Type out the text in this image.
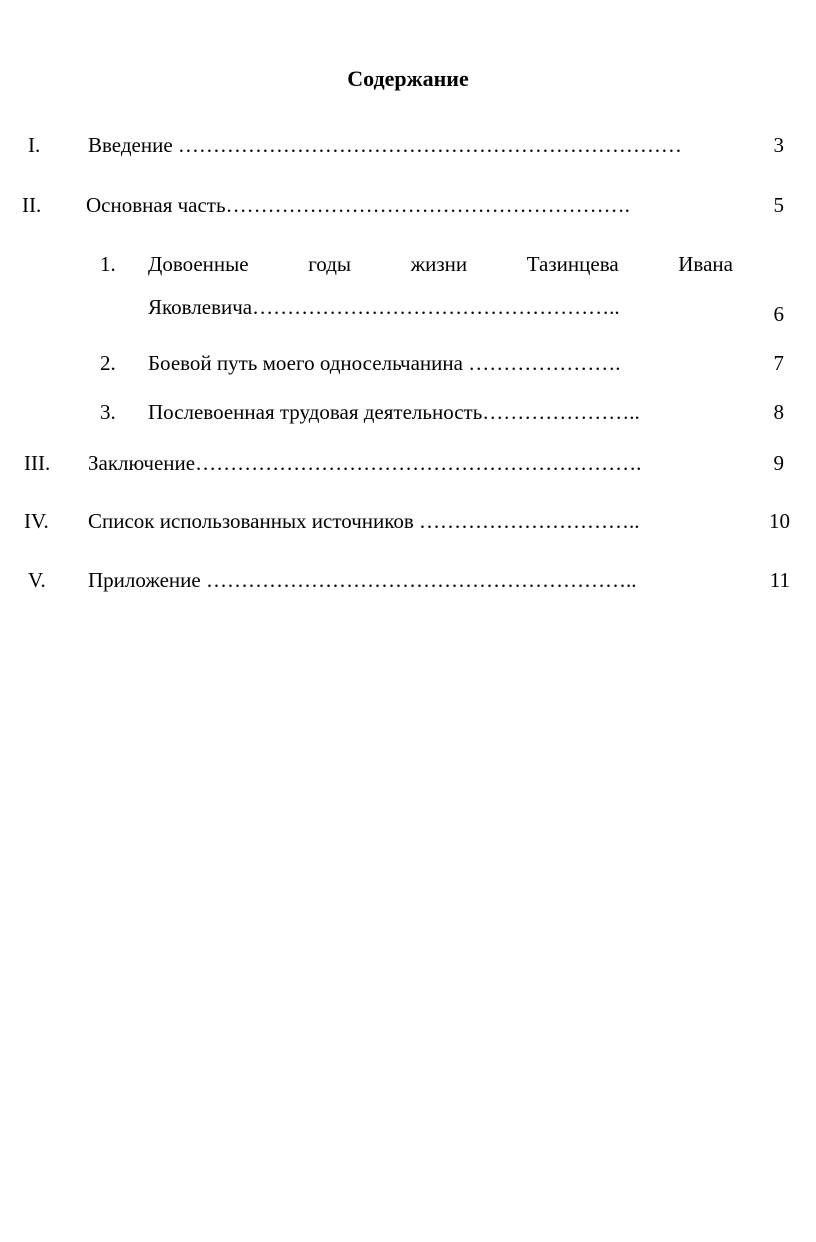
Содержание
I. Введение ………………………………………………………………	3
II. Основная часть………………………………………………….	5
1. Довоенные	годы	жизни	Тазинцева	Ивана
Яковлевича……………………………………………..	6
2. Боевой путь моего односельчанина ………………….	7
3. Послевоенная трудовая деятельность…………………..	8
III. Заключение……………………………………………………….	9
IV. Список использованных источников …………………………..	10
V. Приложение ……………………………………………………..	11
